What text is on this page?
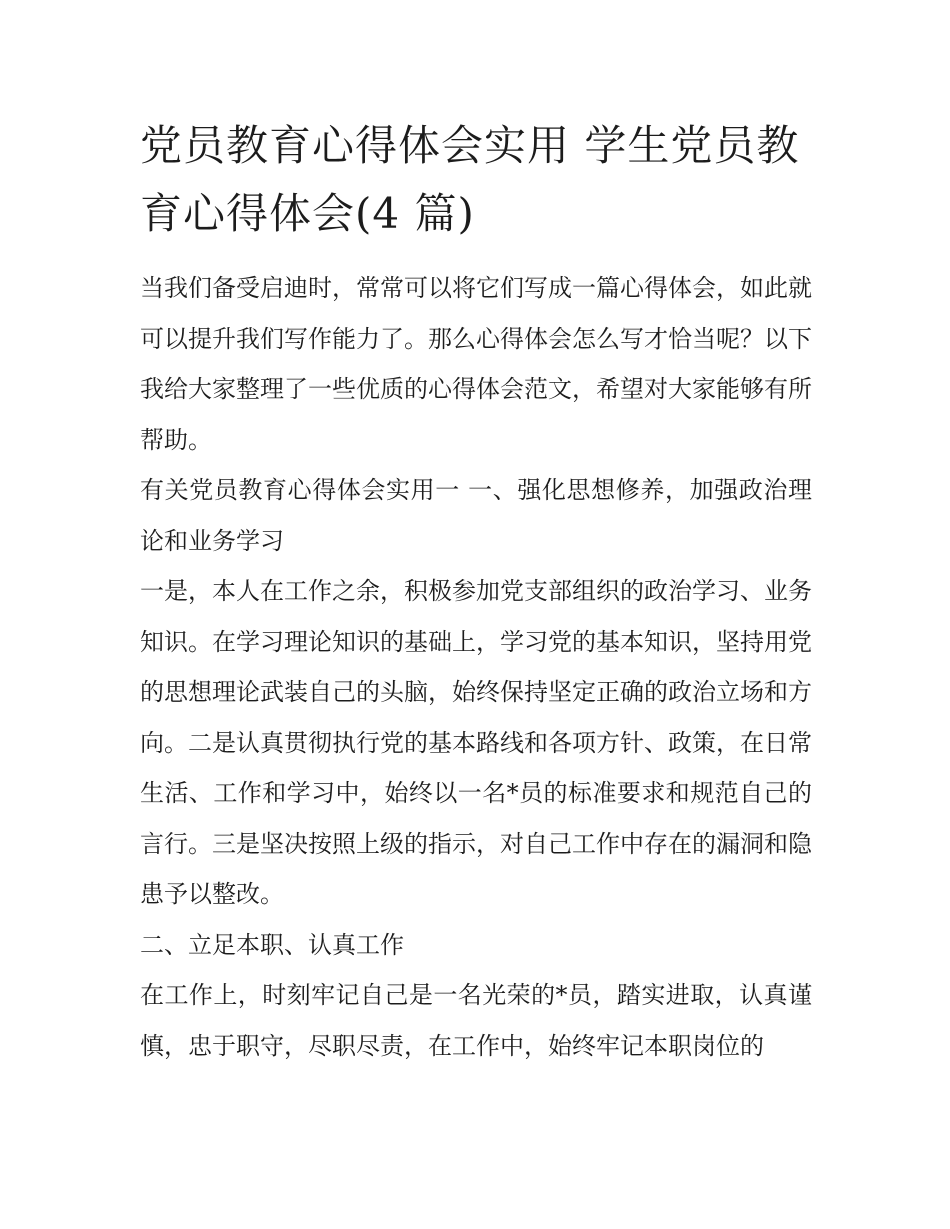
党员教育心得体会实用 学生党员教育心得体会(4 篇)

当我们备受启迪时，常常可以将它们写成一篇心得体会，如此就可以提升我们写作能力了。那么心得体会怎么写才恰当呢？以下我给大家整理了一些优质的心得体会范文，希望对大家能够有所帮助。

有关党员教育心得体会实用一 一、强化思想修养，加强政治理论和业务学习

一是，本人在工作之余，积极参加党支部组织的政治学习、业务知识。在学习理论知识的基础上，学习党的基本知识，坚持用党的思想理论武装自己的头脑，始终保持坚定正确的政治立场和方向。二是认真贯彻执行党的基本路线和各项方针、政策，在日常生活、工作和学习中，始终以一名*员的标准要求和规范自己的言行。三是坚决按照上级的指示，对自己工作中存在的漏洞和隐患予以整改。

二、立足本职、认真工作

在工作上，时刻牢记自己是一名光荣的*员，踏实进取，认真谨慎，忠于职守，尽职尽责，在工作中，始终牢记本职岗位的
